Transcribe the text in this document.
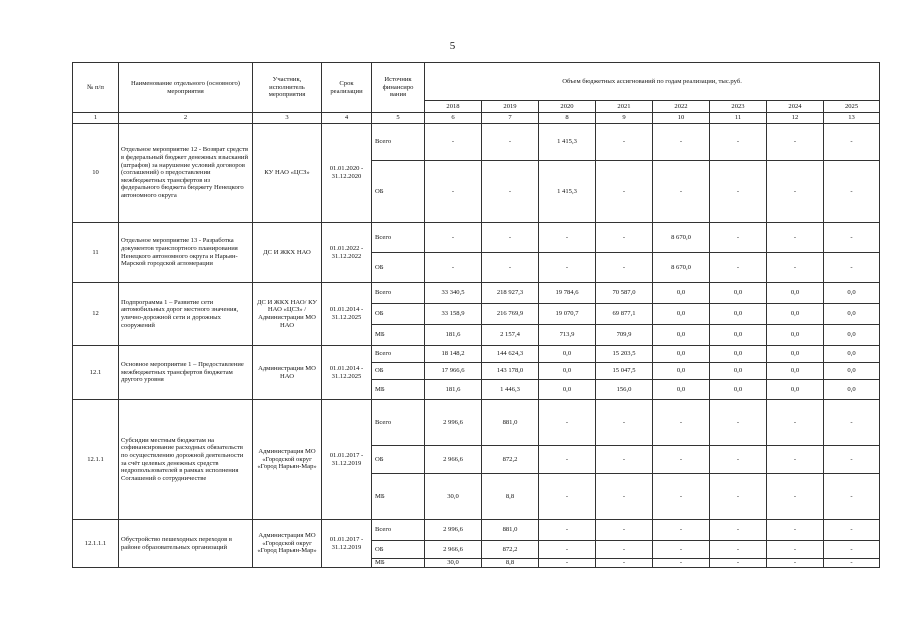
5
№ п/п	Наименование отдельного (основного) мероприятия	Участник, исполнитель мероприятия	Срок реализации	Источник финансиро вания	Объем бюджетных ассигнований по годам реализации, тыс.руб.							
					2018	2019	2020	2021	2022	2023	2024	2025
1	2	3	4	5	6	7	8	9	10	11	12	13
10	Отдельное мероприятие 12 - Возврат средств в федеральный бюджет денежных взысканий (штрафов) за нарушение условий договоров (соглашений) о предоставлении межбюджетных трансфертов из федерального бюджета бюджету Ненецкого автономного округа	КУ НАО «ЦСЗ»	01.01.2020 - 31.12.2020	Всего	-	-	1 415,3	-	-	-	-	-
				ОБ	-	-	1 415,3	-	-	-	-	-
11	Отдельное мероприятие 13 - Разработка документов транспортного планирования Ненецкого автономного округа и Нарьян-Марской городской агломерации	ДС И ЖКХ НАО	01.01.2022 - 31.12.2022	Всего	-	-	-	-	8 670,0	-	-	-
				ОБ	-	-	-	-	8 670,0	-	-	-
12	Подпрограмма 1 – Развитие сети автомобильных дорог местного значения, улично-дорожной сети и дорожных сооружений	ДС И ЖКХ НАО/ КУ НАО «ЦСЗ» / Администрации МО НАО	01.01.2014 - 31.12.2025	Всего	33 340,5	218 927,3	19 784,6	70 587,0	0,0	0,0	0,0	0,0
				ОБ	33 158,9	216 769,9	19 070,7	69 877,1	0,0	0,0	0,0	0,0
				МБ	181,6	2 157,4	713,9	709,9	0,0	0,0	0,0	0,0
12.1	Основное мероприятие 1 – Предоставление межбюджетных трансфертов бюджетам другого уровня	Администрации МО НАО	01.01.2014 - 31.12.2025	Всего	18 148,2	144 624,3	0,0	15 203,5	0,0	0,0	0,0	0,0
				ОБ	17 966,6	143 178,0	0,0	15 047,5	0,0	0,0	0,0	0,0
				МБ	181,6	1 446,3	0,0	156,0	0,0	0,0	0,0	0,0
12.1.1	Субсидии местным бюджетам на софинансирование расходных обязательств по осуществлению дорожной деятельности за счёт целевых денежных средств недропользователей в рамках исполнения Соглашений о сотрудничестве	Администрация МО «Городской округ «Город Нарьян-Мар»	01.01.2017 - 31.12.2019	Всего	2 996,6	881,0	-	-	-	-	-	-
				ОБ	2 966,6	872,2	-	-	-	-	-	-
				МБ	30,0	8,8	-	-	-	-	-	-
12.1.1.1	Обустройство пешеходных переходов в районе образовательных организаций	Администрация МО «Городской округ «Город Нарьян-Мар»	01.01.2017 - 31.12.2019	Всего	2 996,6	881,0	-	-	-	-	-	-
				ОБ	2 966,6	872,2	-	-	-	-	-	-
				МБ	30,0	8,8	-	-	-	-	-	-
